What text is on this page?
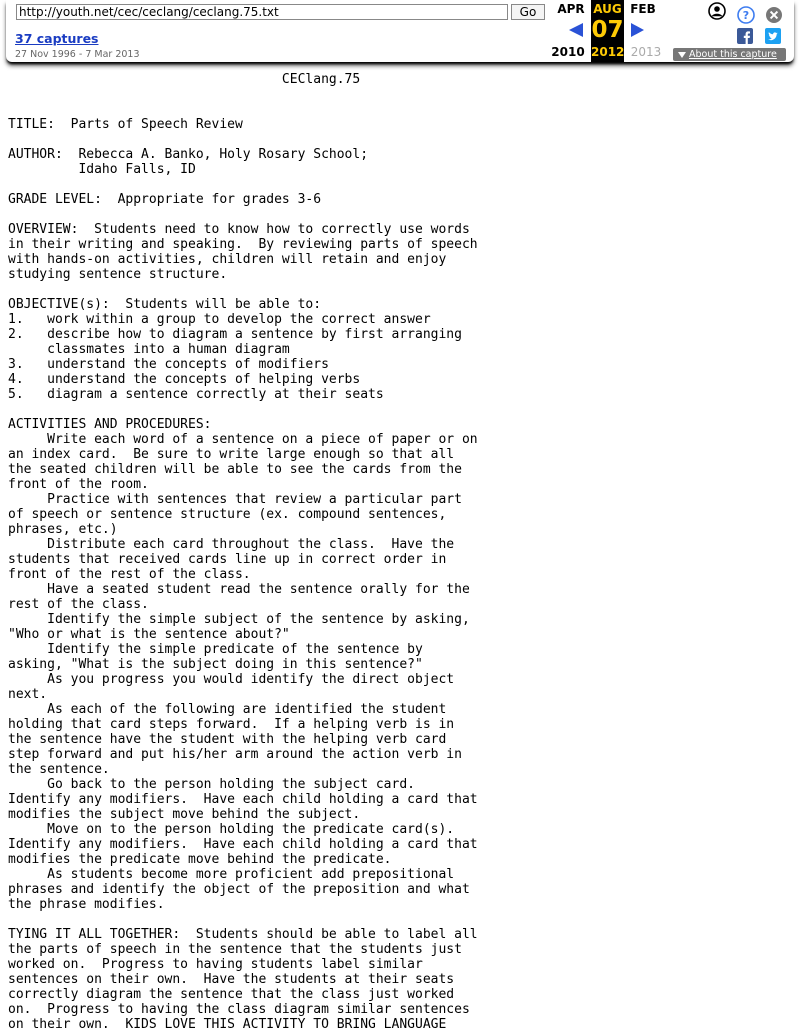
http://youth.net/cec/ceclang/ceclang.75.txt
Go
37 captures
27 Nov 1996 - 7 Mar 2013
APR	FEB
AUG
07
2012
2010	2013
?
About this capture
CEClang.75

TITLE:  Parts of Speech Review

AUTHOR:  Rebecca A. Banko, Holy Rosary School;
Idaho Falls, ID

GRADE LEVEL:  Appropriate for grades 3-6

OVERVIEW:  Students need to know how to correctly use words
in their writing and speaking.  By reviewing parts of speech
with hands-on activities, children will retain and enjoy
studying sentence structure.

OBJECTIVE(s):  Students will be able to:
1.   work within a group to develop the correct answer
2.   describe how to diagram a sentence by first arranging
classmates into a human diagram
3.   understand the concepts of modifiers
4.   understand the concepts of helping verbs
5.   diagram a sentence correctly at their seats

ACTIVITIES AND PROCEDURES:
Write each word of a sentence on a piece of paper or on
an index card.  Be sure to write large enough so that all
the seated children will be able to see the cards from the
front of the room.
Practice with sentences that review a particular part
of speech or sentence structure (ex. compound sentences,
phrases, etc.)
Distribute each card throughout the class.  Have the
students that received cards line up in correct order in
front of the rest of the class.
Have a seated student read the sentence orally for the
rest of the class.
Identify the simple subject of the sentence by asking,
"Who or what is the sentence about?"
Identify the simple predicate of the sentence by
asking, "What is the subject doing in this sentence?"
As you progress you would identify the direct object
next.
As each of the following are identified the student
holding that card steps forward.  If a helping verb is in
the sentence have the student with the helping verb card
step forward and put his/her arm around the action verb in
the sentence.
Go back to the person holding the subject card.
Identify any modifiers.  Have each child holding a card that
modifies the subject move behind the subject.
Move on to the person holding the predicate card(s).
Identify any modifiers.  Have each child holding a card that
modifies the predicate move behind the predicate.
As students become more proficient add prepositional
phrases and identify the object of the preposition and what
the phrase modifies.

TYING IT ALL TOGETHER:  Students should be able to label all
the parts of speech in the sentence that the students just
worked on.  Progress to having students label similar
sentences on their own.  Have the students at their seats
correctly diagram the sentence that the class just worked
on.  Progress to having the class diagram similar sentences
on their own.  KIDS LOVE THIS ACTIVITY TO BRING LANGUAGE
